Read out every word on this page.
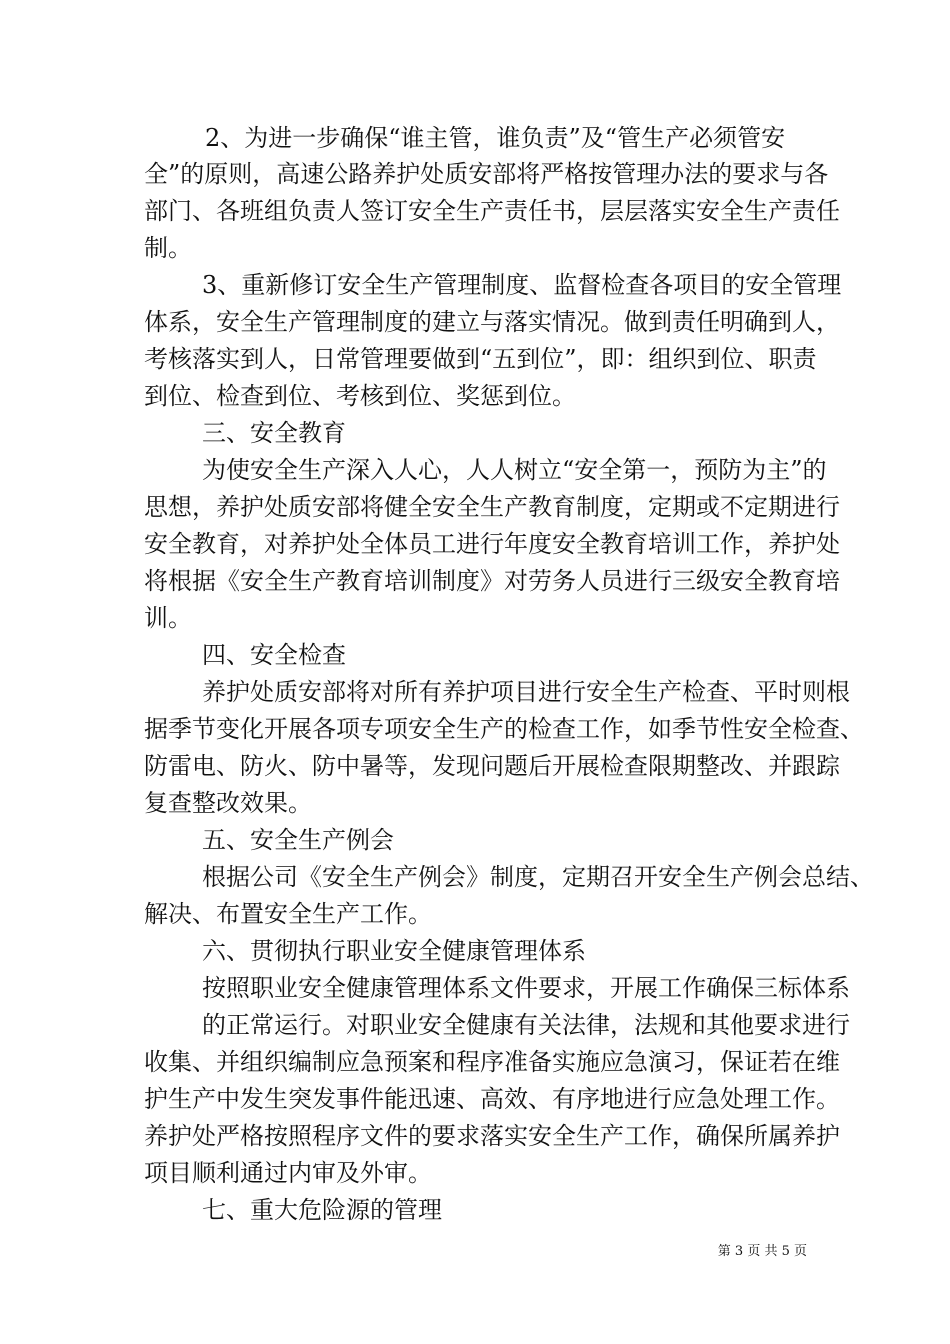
2、为进一步确保“谁主管，谁负责”及“管生产必须管安
全”的原则，高速公路养护处质安部将严格按管理办法的要求与各
部门、各班组负责人签订安全生产责任书，层层落实安全生产责任
制。
3、重新修订安全生产管理制度、监督检查各项目的安全管理
体系，安全生产管理制度的建立与落实情况。做到责任明确到人，
考核落实到人，日常管理要做到“五到位”，即：组织到位、职责
到位、检查到位、考核到位、奖惩到位。
三、安全教育
为使安全生产深入人心，人人树立“安全第一，预防为主”的
思想，养护处质安部将健全安全生产教育制度，定期或不定期进行
安全教育，对养护处全体员工进行年度安全教育培训工作，养护处
将根据《安全生产教育培训制度》对劳务人员进行三级安全教育培
训。
四、安全检查
养护处质安部将对所有养护项目进行安全生产检查、平时则根
据季节变化开展各项专项安全生产的检查工作，如季节性安全检查、
防雷电、防火、防中暑等，发现问题后开展检查限期整改、并跟踪
复查整改效果。
五、安全生产例会
根据公司《安全生产例会》制度，定期召开安全生产例会总结、
解决、布置安全生产工作。
六、贯彻执行职业安全健康管理体系
按照职业安全健康管理体系文件要求，开展工作确保三标体系
的正常运行。对职业安全健康有关法律，法规和其他要求进行
收集、并组织编制应急预案和程序准备实施应急演习，保证若在维
护生产中发生突发事件能迅速、高效、有序地进行应急处理工作。
养护处严格按照程序文件的要求落实安全生产工作，确保所属养护
项目顺利通过内审及外审。
七、重大危险源的管理
第 3 页 共 5 页
